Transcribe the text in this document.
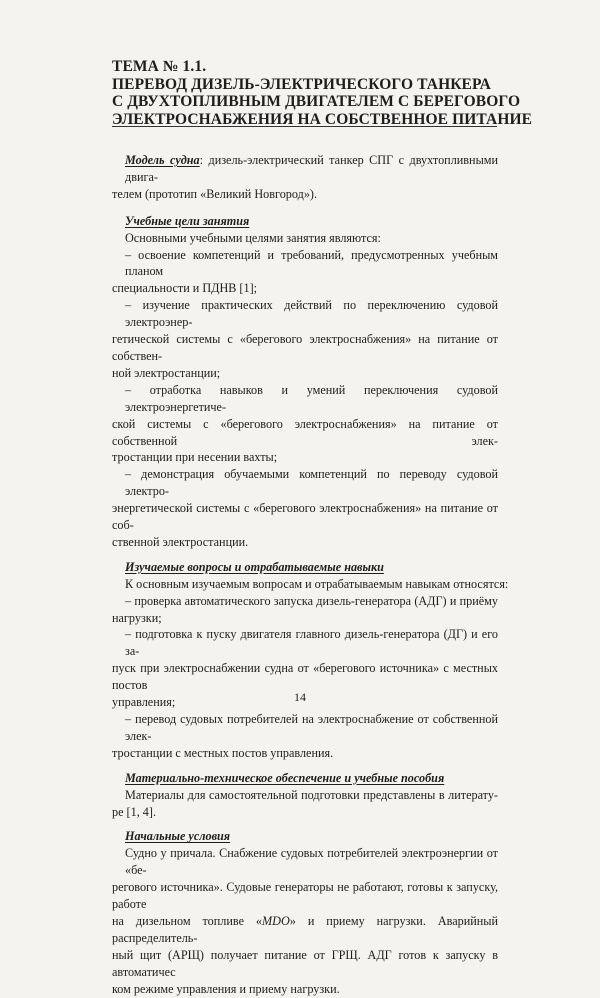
ТЕМА № 1.1.
ПЕРЕВОД ДИЗЕЛЬ-ЭЛЕКТРИЧЕСКОГО ТАНКЕРА
С ДВУХТОПЛИВНЫМ ДВИГАТЕЛЕМ С БЕРЕГОВОГО
ЭЛЕКТРОСНАБЖЕНИЯ НА СОБСТВЕННОЕ ПИТАНИЕ
Модель судна: дизель-электрический танкер СПГ с двухтопливными двига-
телем (прототип «Великий Новгород»).
Учебные цели занятия
Основными учебными целями занятия являются:
– освоение компетенций и требований, предусмотренных учебным планом
специальности и ПДНВ [1];
– изучение практических действий по переключению судовой электроэнер-
гетической системы с «берегового электроснабжения» на питание от собствен-
ной электростанции;
– отработка навыков и умений переключения судовой электроэнергетиче-
ской системы с «берегового электроснабжения» на питание от собственной элек-
тростанции при несении вахты;
– демонстрация обучаемыми компетенций по переводу судовой электро-
энергетической системы с «берегового электроснабжения» на питание от соб-
ственной электростанции.
Изучаемые вопросы и отрабатываемые навыки
К основным изучаемым вопросам и отрабатываемым навыкам относятся:
– проверка автоматического запуска дизель-генератора (АДГ) и приёму
нагрузки;
– подготовка к пуску двигателя главного дизель-генератора (ДГ) и его за-
пуск при электроснабжении судна от «берегового источника» с местных постов
управления;
– перевод судовых потребителей на электроснабжение от собственной элек-
тростанции с местных постов управления.
Материально-техническое обеспечение и учебные пособия
Материалы для самостоятельной подготовки представлены в литерату-
ре [1, 4].
Начальные условия
Судно у причала. Снабжение судовых потребителей электроэнергии от «бе-
регового источника». Судовые генераторы не работают, готовы к запуску, работе
на дизельном топливе «MDO» и приему нагрузки. Аварийный распределитель-
ный щит (АРЩ) получает питание от ГРЩ. АДГ готов к запуску в автоматичес
ком режиме управления и приему нагрузки.
14
